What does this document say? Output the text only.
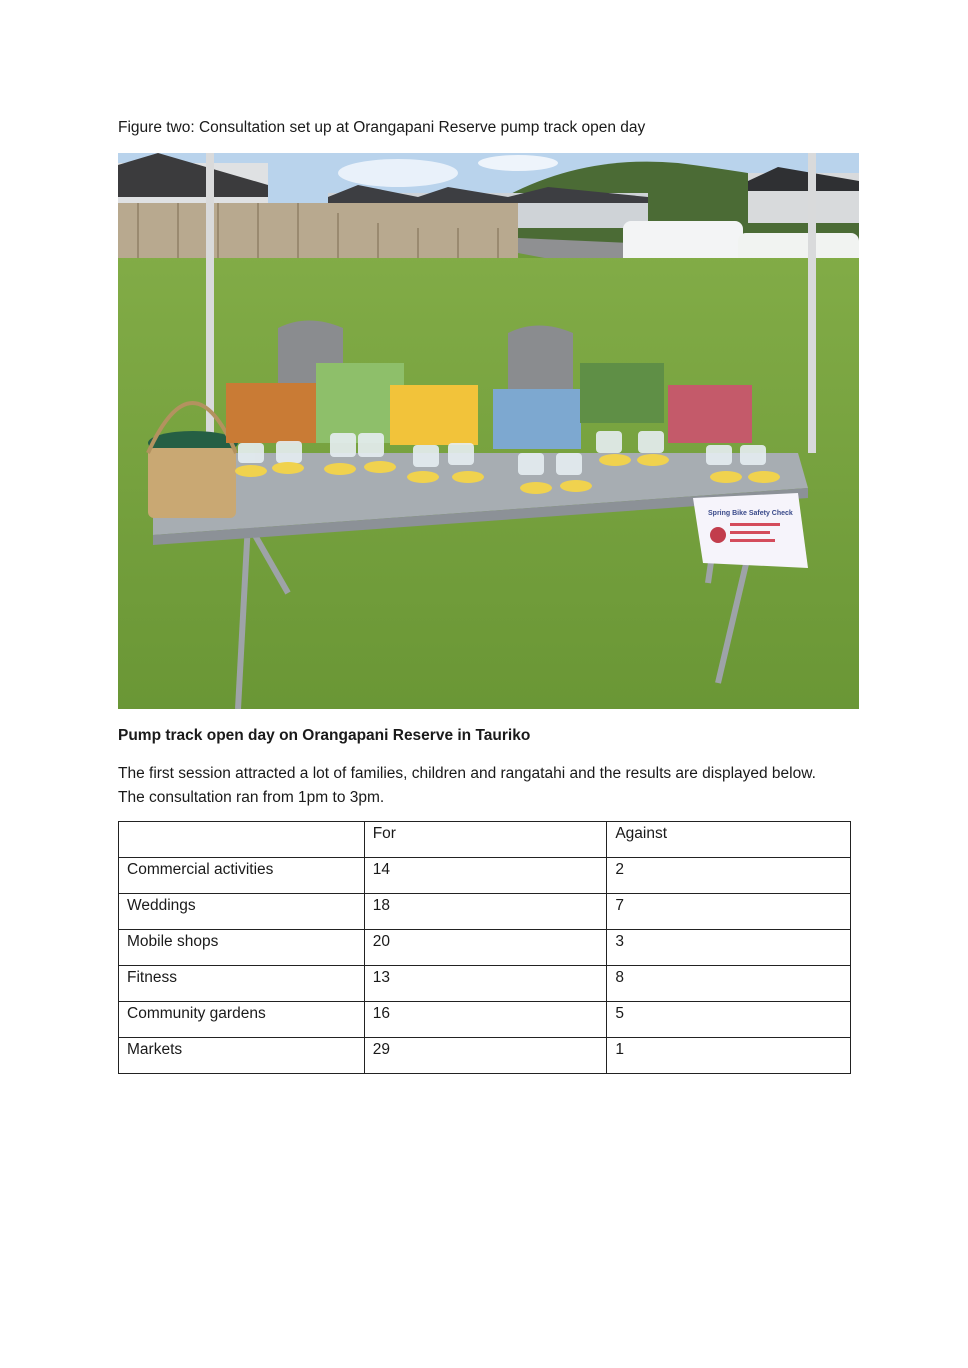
Figure two: Consultation set up at Orangapani Reserve pump track open day
Spring Bike Safety Check
Pump track open day on Orangapani Reserve in Tauriko
The first session attracted a lot of families, children and rangatahi and the results are displayed below. The consultation ran from 1pm to 3pm.
	For	Against
Commercial activities	14	2
Weddings	18	7
Mobile shops	20	3
Fitness	13	8
Community gardens	16	5
Markets	29	1
